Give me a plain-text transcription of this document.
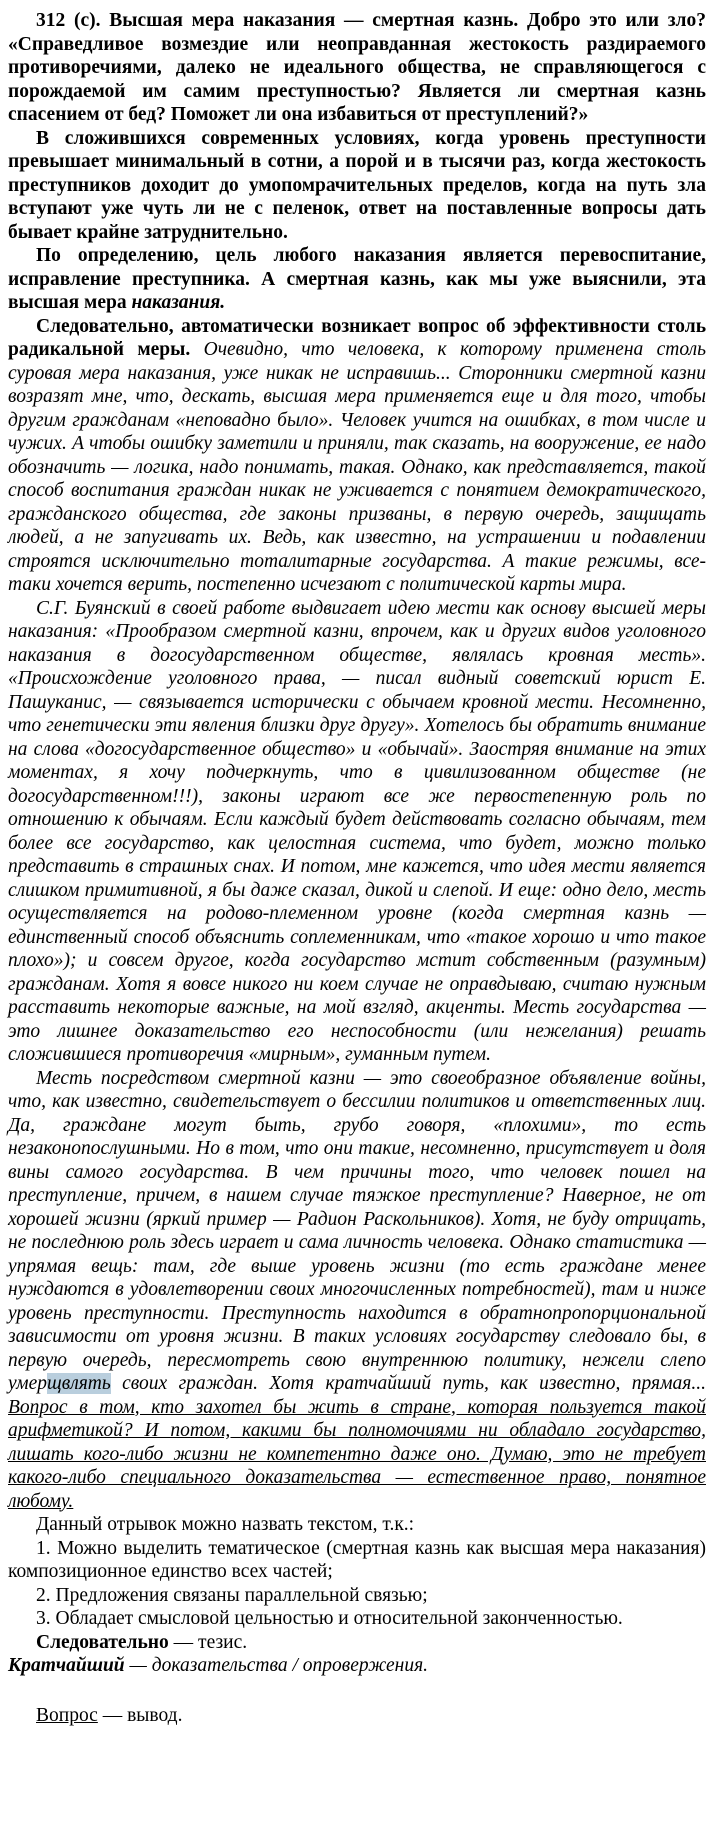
312 (с). Высшая мера наказания — смертная казнь. Добро это или зло? «Справедливое возмездие или неоправданная жестокость раздираемого противоречиями, далеко не идеального общества, не справляющегося с порождаемой им самим преступностью? Является ли смертная казнь спасением от бед? Поможет ли она избавиться от преступлений?»

В сложившихся современных условиях, когда уровень преступности превышает минимальный в сотни, а порой и в тысячи раз, когда жестокость преступников доходит до умопомрачительных пределов, когда на путь зла вступают уже чуть ли не с пеленок, ответ на поставленные вопросы дать бывает крайне затруднительно.

По определению, цель любого наказания является перевоспитание, исправление преступника. А смертная казнь, как мы уже выяснили, эта высшая мера наказания.

Следовательно, автоматически возникает вопрос об эффективности столь радикальной меры. Очевидно, что человека, к которому применена столь суровая мера наказания, уже никак не исправишь... Сторонники смертной казни возразят мне, что, дескать, высшая мера применяется еще и для того, чтобы другим гражданам «неповадно было». Человек учится на ошибках, в том числе и чужих. А чтобы ошибку заметили и приняли, так сказать, на вооружение, ее надо обозначить — логика, надо понимать, такая. Однако, как представляется, такой способ воспитания граждан никак не уживается с понятием демократического, гражданского общества, где законы призваны, в первую очередь, защищать людей, а не запугивать их. Ведь, как известно, на устрашении и подавлении строятся исключительно тоталитарные государства. А такие режимы, все-таки хочется верить, постепенно исчезают с политической карты мира.

С.Г. Буянский в своей работе выдвигает идею мести как основу высшей меры наказания: «Прообразом смертной казни, впрочем, как и других видов уголовного наказания в догосударственном обществе, являлась кровная месть». «Происхождение уголовного права, — писал видный советский юрист Е. Пашуканис, — связывается исторически с обычаем кровной мести. Несомненно, что генетически эти явления близки друг другу». Хотелось бы обратить внимание на слова «догосударственное общество» и «обычай». Заостряя внимание на этих моментах, я хочу подчеркнуть, что в цивилизованном обществе (не догосударственном!!!), законы играют все же первостепенную роль по отношению к обычаям. Если каждый будет действовать согласно обычаям, тем более все государство, как целостная система, что будет, можно только представить в страшных снах. И потом, мне кажется, что идея мести является слишком примитивной, я бы даже сказал, дикой и слепой. И еще: одно дело, месть осуществляется на родово-племенном уровне (когда смертная казнь — единственный способ объяснить соплеменникам, что «такое хорошо и что такое плохо»); и совсем другое, когда государство мстит собственным (разумным) гражданам. Хотя я вовсе никого ни коем случае не оправдываю, считаю нужным расставить некоторые важные, на мой взгляд, акценты. Месть государства — это лишнее доказательство его неспособности (или нежелания) решать сложившиеся противоречия «мирным», гуманным путем.

Месть посредством смертной казни — это своеобразное объявление войны, что, как известно, свидетельствует о бессилии политиков и ответственных лиц. Да, граждане могут быть, грубо говоря, «плохими», то есть незаконопослушными. Но в том, что они такие, несомненно, присутствует и доля вины самого государства. В чем причины того, что человек пошел на преступление, причем, в нашем случае тяжкое преступление? Наверное, не от хорошей жизни (яркий пример — Радион Раскольников). Хотя, не буду отрицать, не последнюю роль здесь играет и сама личность человека. Однако статистика — упрямая вещь: там, где выше уровень жизни (то есть граждане менее нуждаются в удовлетворении своих многочисленных потребностей), там и ниже уровень преступности. Преступность находится в обратнопропорциональной зависимости от уровня жизни. В таких условиях государству следовало бы, в первую очередь, пересмотреть свою внутреннюю политику, нежели слепо умерщвлять своих граждан. Хотя кратчайший путь, как известно, прямая... Вопрос в том, кто захотел бы жить в стране, которая пользуется такой арифметикой? И потом, какими бы полномочиями ни обладало государство, лишать кого-либо жизни не компетентно даже оно. Думаю, это не требует какого-либо специального доказательства — естественное право, понятное любому.

Данный отрывок можно назвать текстом, т.к.:

1. Можно выделить тематическое (смертная казнь как высшая мера наказания) композиционное единство всех частей;

2. Предложения связаны параллельной связью;

3. Обладает смысловой цельностью и относительной законченностью.

Следовательно — тезис.

Кратчайший — доказательства / опровержения.

Вопрос — вывод.
